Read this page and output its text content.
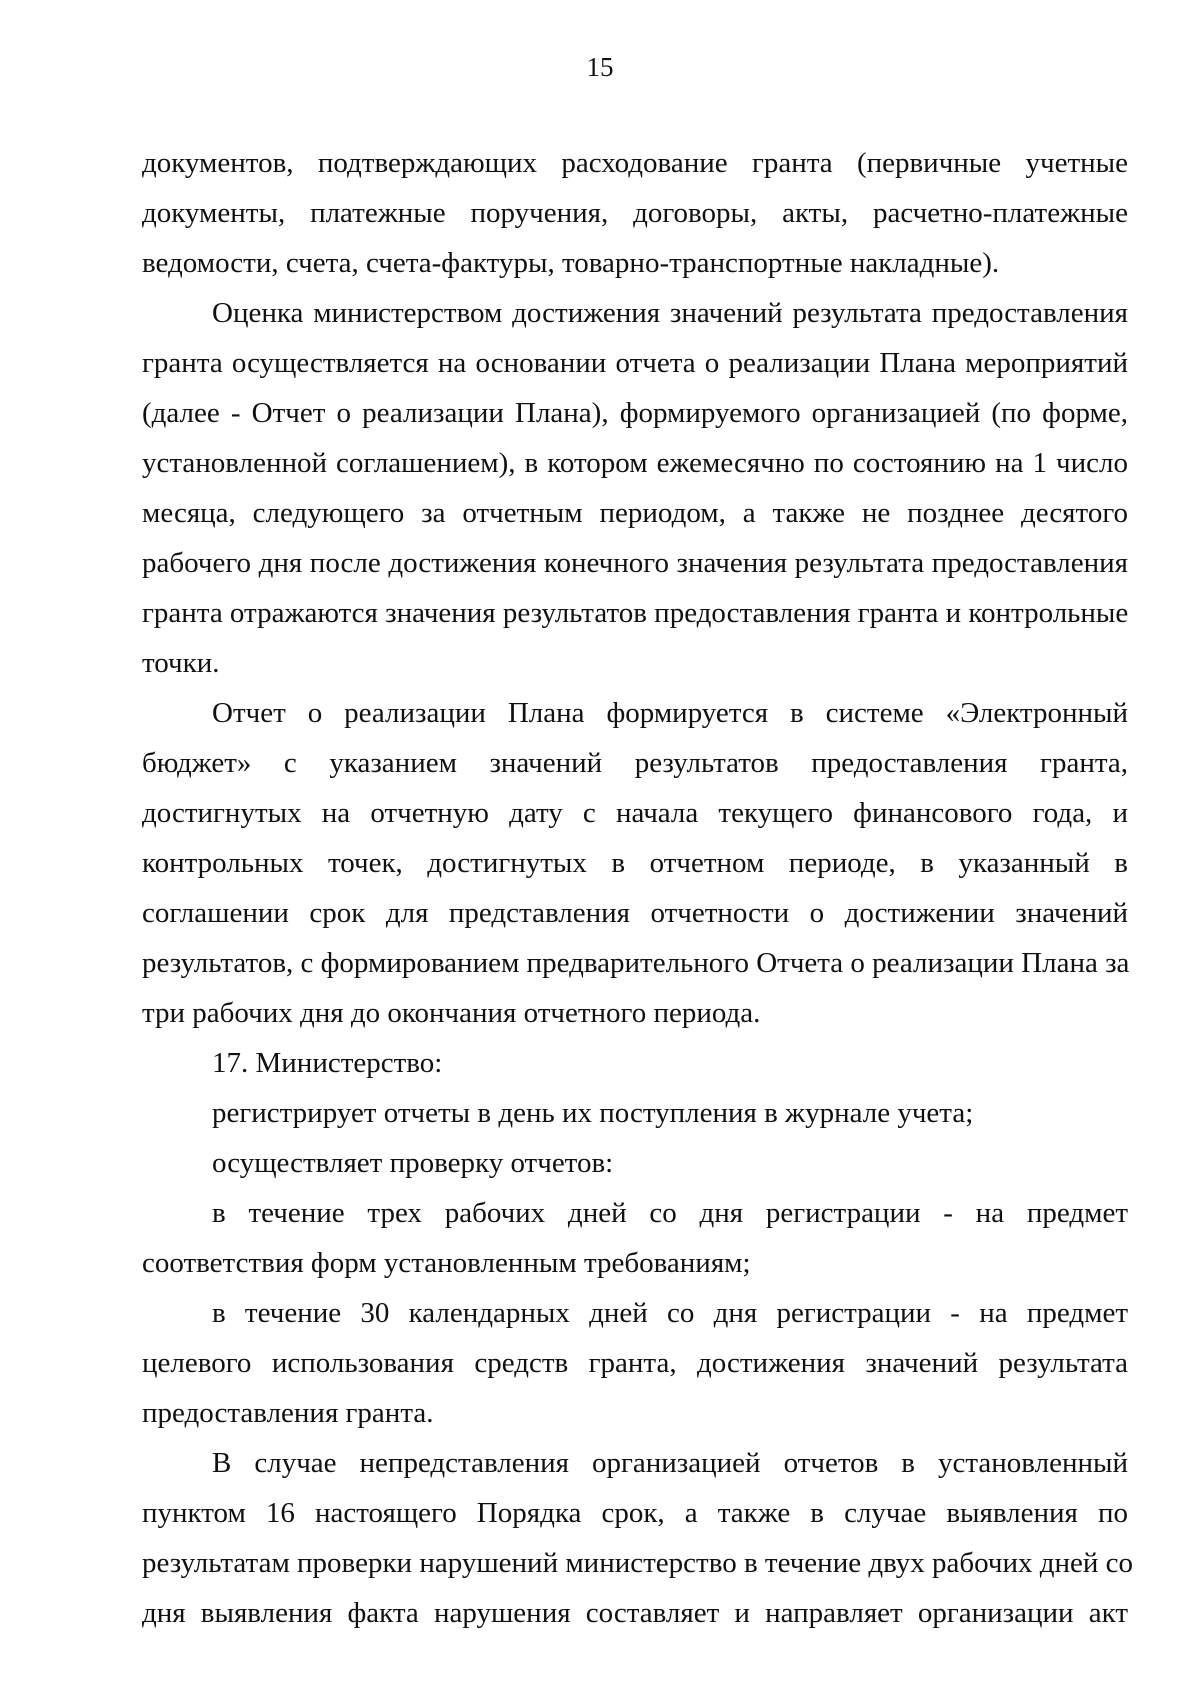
15

документов, подтверждающих расходование гранта (первичные учетные
документы, платежные поручения, договоры, акты, расчетно-платежные
ведомости, счета, счета-фактуры, товарно-транспортные накладные).

Оценка министерством достижения значений результата предоставления
гранта осуществляется на основании отчета о реализации Плана мероприятий
(далее - Отчет о реализации Плана), формируемого организацией (по форме,
установленной соглашением), в котором ежемесячно по состоянию на 1 число
месяца, следующего за отчетным периодом, а также не позднее десятого
рабочего дня после достижения конечного значения результата предоставления
гранта отражаются значения результатов предоставления гранта и контрольные
точки.

Отчет о реализации Плана формируется в системе «Электронный
бюджет» с указанием значений результатов предоставления гранта,
достигнутых на отчетную дату с начала текущего финансового года, и
контрольных точек, достигнутых в отчетном периоде, в указанный в
соглашении срок для представления отчетности о достижении значений
результатов, с формированием предварительного Отчета о реализации Плана за
три рабочих дня до окончания отчетного периода.

17. Министерство:

регистрирует отчеты в день их поступления в журнале учета;

осуществляет проверку отчетов:

в течение трех рабочих дней со дня регистрации - на предмет
соответствия форм установленным требованиям;

в течение 30 календарных дней со дня регистрации - на предмет
целевого использования средств гранта, достижения значений результата
предоставления гранта.

В случае непредставления организацией отчетов в установленный
пунктом 16 настоящего Порядка срок, а также в случае выявления по
результатам проверки нарушений министерство в течение двух рабочих дней со
дня выявления факта нарушения составляет и направляет организации акт
